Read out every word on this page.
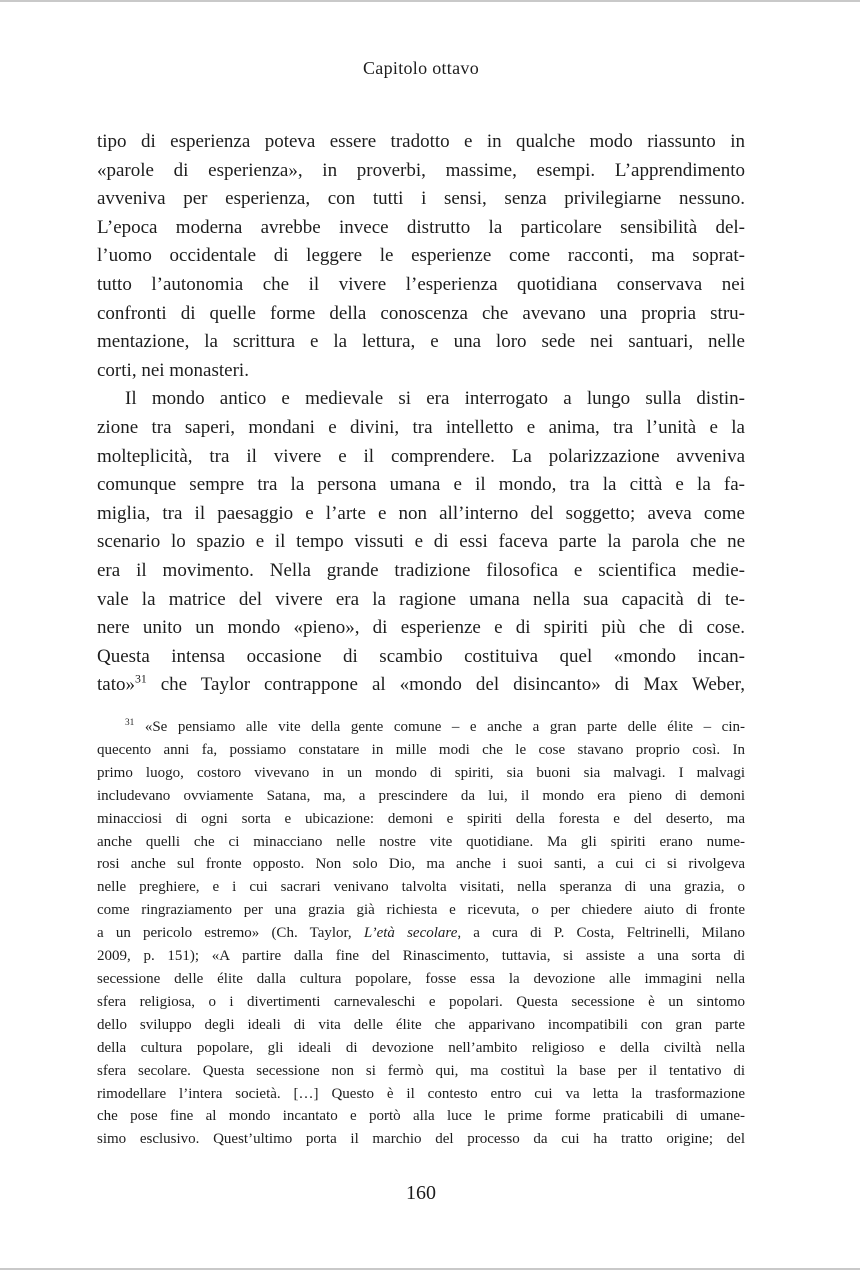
Capitolo ottavo
tipo di esperienza poteva essere tradotto e in qualche modo riassunto in
«parole di esperienza», in proverbi, massime, esempi. L’apprendimento
avveniva per esperienza, con tutti i sensi, senza privilegiarne nessuno.
L’epoca moderna avrebbe invece distrutto la particolare sensibilità del-
l’uomo occidentale di leggere le esperienze come racconti, ma soprat-
tutto l’autonomia che il vivere l’esperienza quotidiana conservava nei
confronti di quelle forme della conoscenza che avevano una propria stru-
mentazione, la scrittura e la lettura, e una loro sede nei santuari, nelle
corti, nei monasteri.
Il mondo antico e medievale si era interrogato a lungo sulla distin-
zione tra saperi, mondani e divini, tra intelletto e anima, tra l’unità e la
molteplicità, tra il vivere e il comprendere. La polarizzazione avveniva
comunque sempre tra la persona umana e il mondo, tra la città e la fa-
miglia, tra il paesaggio e l’arte e non all’interno del soggetto; aveva come
scenario lo spazio e il tempo vissuti e di essi faceva parte la parola che ne
era il movimento. Nella grande tradizione filosofica e scientifica medie-
vale la matrice del vivere era la ragione umana nella sua capacità di te-
nere unito un mondo «pieno», di esperienze e di spiriti più che di cose.
Questa intensa occasione di scambio costituiva quel «mondo incan-
tato»$^{31}$ che Taylor contrappone al «mondo del disincanto» di Max Weber,
$^{31}$ «Se pensiamo alle vite della gente comune – e anche a gran parte delle élite – cin-
quecento anni fa, possiamo constatare in mille modi che le cose stavano proprio così. In
primo luogo, costoro vivevano in un mondo di spiriti, sia buoni sia malvagi. I malvagi
includevano ovviamente Satana, ma, a prescindere da lui, il mondo era pieno di demoni
minacciosi di ogni sorta e ubicazione: demoni e spiriti della foresta e del deserto, ma
anche quelli che ci minacciano nelle nostre vite quotidiane. Ma gli spiriti erano nume-
rosi anche sul fronte opposto. Non solo Dio, ma anche i suoi santi, a cui ci si rivolgeva
nelle preghiere, e i cui sacrari venivano talvolta visitati, nella speranza di una grazia, o
come ringraziamento per una grazia già richiesta e ricevuta, o per chiedere aiuto di fronte
a un pericolo estremo» (Ch. Taylor, L’età secolare, a cura di P. Costa, Feltrinelli, Milano
2009, p. 151); «A partire dalla fine del Rinascimento, tuttavia, si assiste a una sorta di
secessione delle élite dalla cultura popolare, fosse essa la devozione alle immagini nella
sfera religiosa, o i divertimenti carnevaleschi e popolari. Questa secessione è un sintomo
dello sviluppo degli ideali di vita delle élite che apparivano incompatibili con gran parte
della cultura popolare, gli ideali di devozione nell’ambito religioso e della civiltà nella
sfera secolare. Questa secessione non si fermò qui, ma costituì la base per il tentativo di
rimodellare l’intera società. […] Questo è il contesto entro cui va letta la trasformazione
che pose fine al mondo incantato e portò alla luce le prime forme praticabili di umane-
simo esclusivo. Quest’ultimo porta il marchio del processo da cui ha tratto origine; del
160
